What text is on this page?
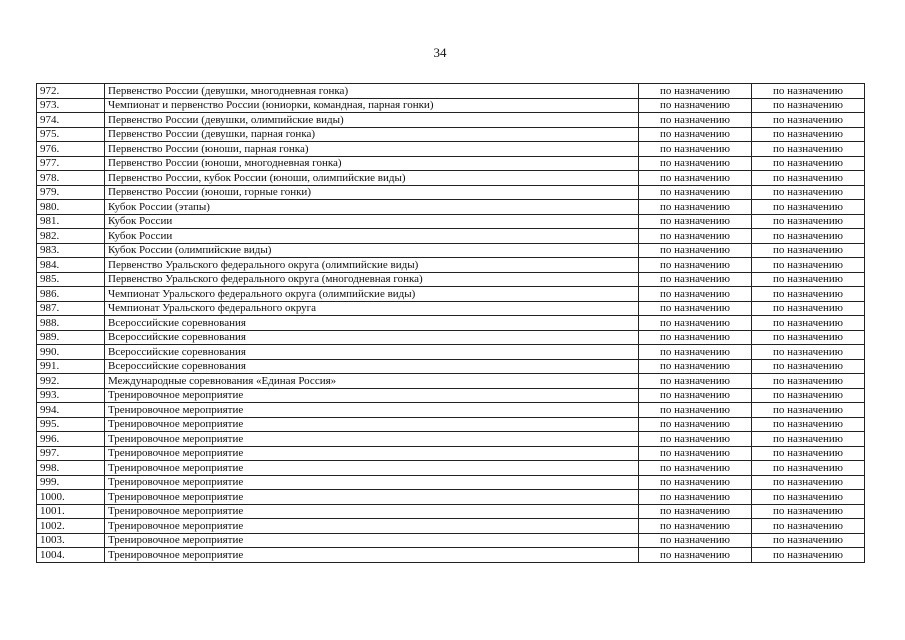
34
972.	Первенство России (девушки, многодневная гонка)	по назначению	по назначению
973.	Чемпионат и первенство России (юниорки, командная, парная гонки)	по назначению	по назначению
974.	Первенство России (девушки, олимпийские виды)	по назначению	по назначению
975.	Первенство России (девушки, парная гонка)	по назначению	по назначению
976.	Первенство России (юноши, парная гонка)	по назначению	по назначению
977.	Первенство России (юноши, многодневная гонка)	по назначению	по назначению
978.	Первенство России, кубок России (юноши, олимпийские виды)	по назначению	по назначению
979.	Первенство России (юноши, горные гонки)	по назначению	по назначению
980.	Кубок России (этапы)	по назначению	по назначению
981.	Кубок России	по назначению	по назначению
982.	Кубок России	по назначению	по назначению
983.	Кубок России (олимпийские виды)	по назначению	по назначению
984.	Первенство Уральского федерального округа (олимпийские виды)	по назначению	по назначению
985.	Первенство Уральского федерального округа (многодневная гонка)	по назначению	по назначению
986.	Чемпионат Уральского федерального округа (олимпийские виды)	по назначению	по назначению
987.	Чемпионат Уральского федерального округа	по назначению	по назначению
988.	Всероссийские соревнования	по назначению	по назначению
989.	Всероссийские соревнования	по назначению	по назначению
990.	Всероссийские соревнования	по назначению	по назначению
991.	Всероссийские соревнования	по назначению	по назначению
992.	Международные соревнования «Единая Россия»	по назначению	по назначению
993.	Тренировочное мероприятие	по назначению	по назначению
994.	Тренировочное мероприятие	по назначению	по назначению
995.	Тренировочное мероприятие	по назначению	по назначению
996.	Тренировочное мероприятие	по назначению	по назначению
997.	Тренировочное мероприятие	по назначению	по назначению
998.	Тренировочное мероприятие	по назначению	по назначению
999.	Тренировочное мероприятие	по назначению	по назначению
1000.	Тренировочное мероприятие	по назначению	по назначению
1001.	Тренировочное мероприятие	по назначению	по назначению
1002.	Тренировочное мероприятие	по назначению	по назначению
1003.	Тренировочное мероприятие	по назначению	по назначению
1004.	Тренировочное мероприятие	по назначению	по назначению
